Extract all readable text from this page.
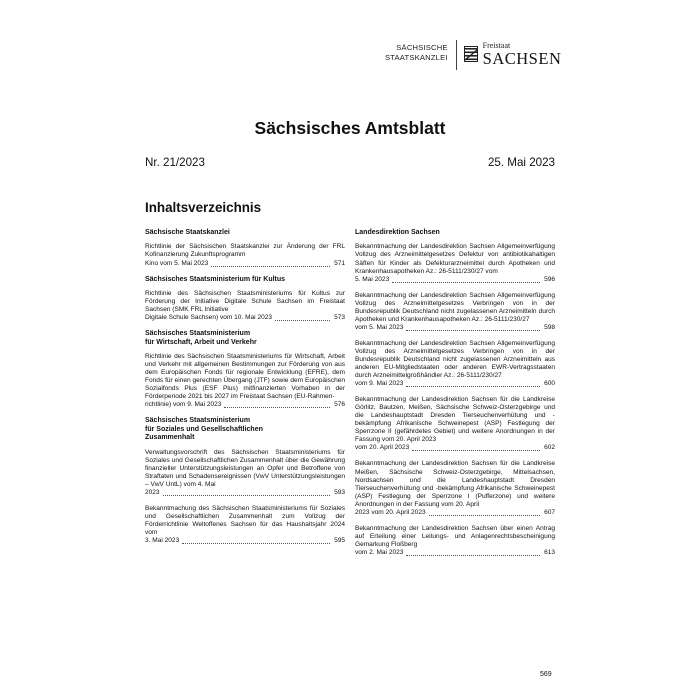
SÄCHSISCHE
STAATSKANZLEI
Freistaat
SACHSEN
Sächsisches Amtsblatt
Nr. 21/2023	25. Mai 2023
Inhaltsverzeichnis
Sächsische Staatskanzlei
Richtlinie der Sächsischen Staatskanzlei zur Änderung der FRL Kofinanzierung Zukunftsprogramm
Kino vom 5. Mai 2023	571
Sächsisches Staatsministerium für Kultus
Richtlinie des Sächsischen Staatsministeriums für Kultus zur Förderung der Initiative Digitale Schule Sachsen im Freistaat Sachsen (SMK FRL Initiative
Digitale Schule Sachsen) vom 10. Mai 2023	573
Sächsisches Staatsministerium
für Wirtschaft, Arbeit und Verkehr
Richtlinie des Sächsischen Staatsministeriums für Wirtschaft, Arbeit und Verkehr mit allgemeinen Bestimmungen zur Förderung von aus dem Europäischen Fonds für regionale Entwicklung (EFRE), dem Fonds für einen gerechten Übergang (JTF) sowie dem Europäischen Sozialfonds Plus (ESF Plus) mitfinanzierten Vorhaben in der Förderperiode 2021 bis 2027 im Freistaat Sachsen (EU-Rahmen-
richtlinie) vom 9. Mai 2023	576
Sächsisches Staatsministerium
für Soziales und Gesellschaftlichen
Zusammenhalt
Verwaltungsvorschrift des Sächsischen Staatsministeriums für Soziales und Gesellschaftlichen Zusammenhalt über die Gewährung finanzieller Unterstützungsleistungen an Opfer und Betroffene von Straftaten und Schadensereignissen (VwV Unterstützungsleistungen – VwV UntL) vom 4. Mai
2023	593
Bekanntmachung des Sächsischen Staatsministeriums für Soziales und Gesellschaftlichen Zusammenhalt zum Vollzug der Förderrichtlinie Weltoffenes Sachsen für das Haushaltsjahr 2024 vom
3. Mai 2023	595
Landesdirektion Sachsen
Bekanntmachung der Landesdirektion Sachsen Allgemeinverfügung Vollzug des Arzneimittelgesetzes Defektur von antibiotikahaltigen Säften für Kinder als Defekturarzneimittel durch Apotheken und Krankenhausapotheken Az.: 26-5111/230/27 vom
5. Mai 2023	596
Bekanntmachung der Landesdirektion Sachsen Allgemeinverfügung Vollzug des Arzneimittelgesetzes Verbringen von in der Bundesrepublik Deutschland nicht zugelassenen Arzneimitteln durch Apotheken und Krankenhausapotheken Az.: 26-5111/230/27
vom 5. Mai 2023	598
Bekanntmachung der Landesdirektion Sachsen Allgemeinverfügung Vollzug des Arzneimittelgesetzes Verbringen von in der Bundesrepublik Deutschland nicht zugelassenen Arzneimitteln aus anderen EU-Mitgliedstaaten oder anderen EWR-Vertragsstaaten durch Arzneimittelgroßhändler Az.: 26-5111/230/27
vom 9. Mai 2023	600
Bekanntmachung der Landesdirektion Sachsen für die Landkreise Görlitz, Bautzen, Meißen, Sächsische Schweiz-Osterzgebirge und die Landeshauptstadt Dresden Tierseuchenverhütung und -bekämpfung Afrikanische Schweinepest (ASP) Festlegung der Sperrzone II (gefährdetes Gebiet) und weitere Anordnungen in der Fassung vom 20. April 2023
vom 20. April 2023	602
Bekanntmachung der Landesdirektion Sachsen für die Landkreise Meißen, Sächsische Schweiz-Osterzgebirge, Mittelsachsen, Nordsachsen und die Landeshauptstadt Dresden Tierseuchenverhütung und -bekämpfung Afrikanische Schweinepest (ASP) Festlegung der Sperrzone I (Pufferzone) und weitere Anordnungen in der Fassung vom 20. April
2023 vom 20. April 2023	607
Bekanntmachung der Landesdirektion Sachsen über einen Antrag auf Erteilung einer Leitungs- und Anlagenrechtsbescheinigung Gemarkung Floßberg
vom 2. Mai 2023	613
569
